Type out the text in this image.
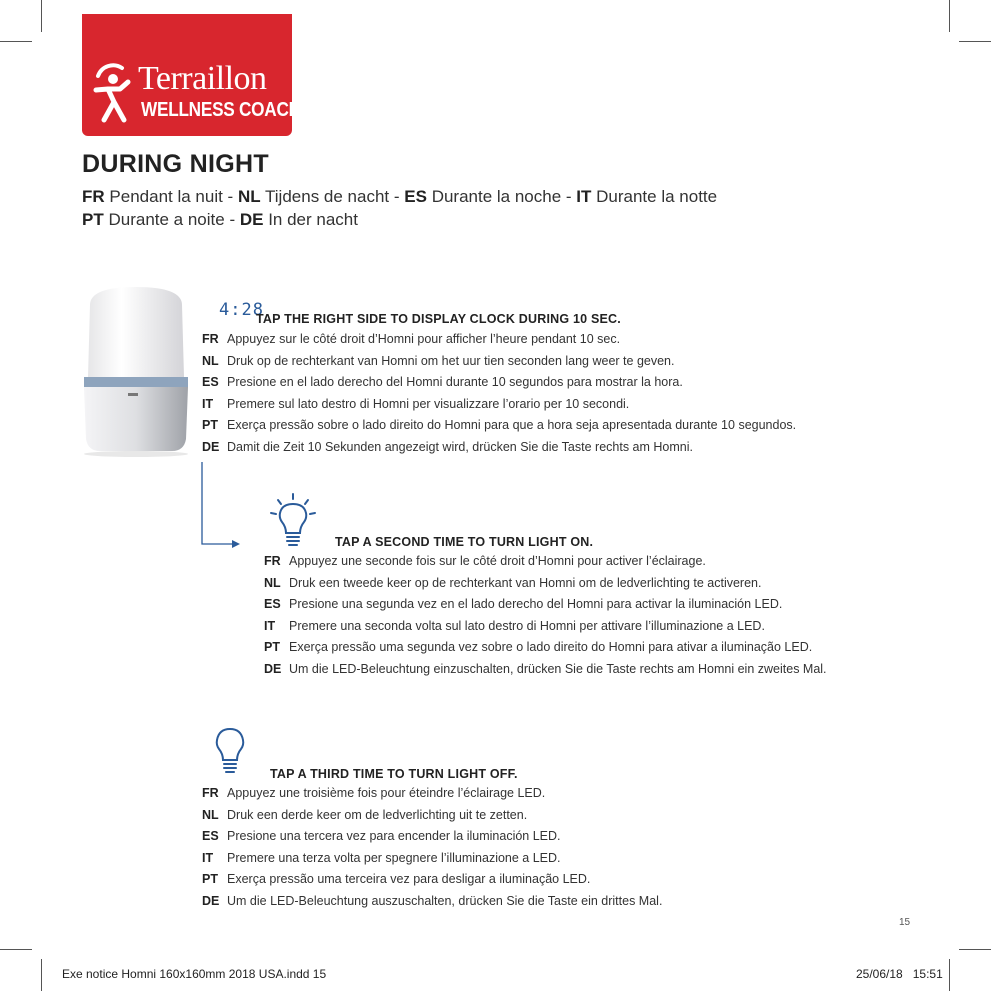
Terraillon
WELLNESS COACH
DURING NIGHT
FR Pendant la nuit - NL Tijdens de nacht - ES Durante la noche - IT Durante la notte
PT Durante a noite - DE In der nacht
4:28
TAP THE RIGHT SIDE TO DISPLAY CLOCK DURING 10 SEC.
FR Appuyez sur le côté droit d’Homni pour afficher l’heure pendant 10 sec.
NL Druk op de rechterkant van Homni om het uur tien seconden lang weer te geven.
ES Presione en el lado derecho del Homni durante 10 segundos para mostrar la hora.
IT Premere sul lato destro di Homni per visualizzare l’orario per 10 secondi.
PT Exerça pressão sobre o lado direito do Homni para que a hora seja apresentada durante 10 segundos.
DE Damit die Zeit 10 Sekunden angezeigt wird, drücken Sie die Taste rechts am Homni.
TAP A SECOND TIME TO TURN LIGHT ON.
FR Appuyez une seconde fois sur le côté droit d’Homni pour activer l’éclairage.
NL Druk een tweede keer op de rechterkant van Homni om de ledverlichting te activeren.
ES Presione una segunda vez en el lado derecho del Homni para activar la iluminación LED.
IT Premere una seconda volta sul lato destro di Homni per attivare l’illuminazione a LED.
PT Exerça pressão uma segunda vez sobre o lado direito do Homni para ativar a iluminação LED.
DE Um die LED-Beleuchtung einzuschalten, drücken Sie die Taste rechts am Homni ein zweites Mal.
TAP A THIRD TIME TO TURN LIGHT OFF.
FR Appuyez une troisième fois pour éteindre l’éclairage LED.
NL Druk een derde keer om de ledverlichting uit te zetten.
ES Presione una tercera vez para encender la iluminación LED.
IT Premere una terza volta per spegnere l’illuminazione a LED.
PT Exerça pressão uma terceira vez para desligar a iluminação LED.
DE Um die LED-Beleuchtung auszuschalten, drücken Sie die Taste ein drittes Mal.
15
Exe notice Homni 160x160mm 2018 USA.indd 15	25/06/18 15:51
